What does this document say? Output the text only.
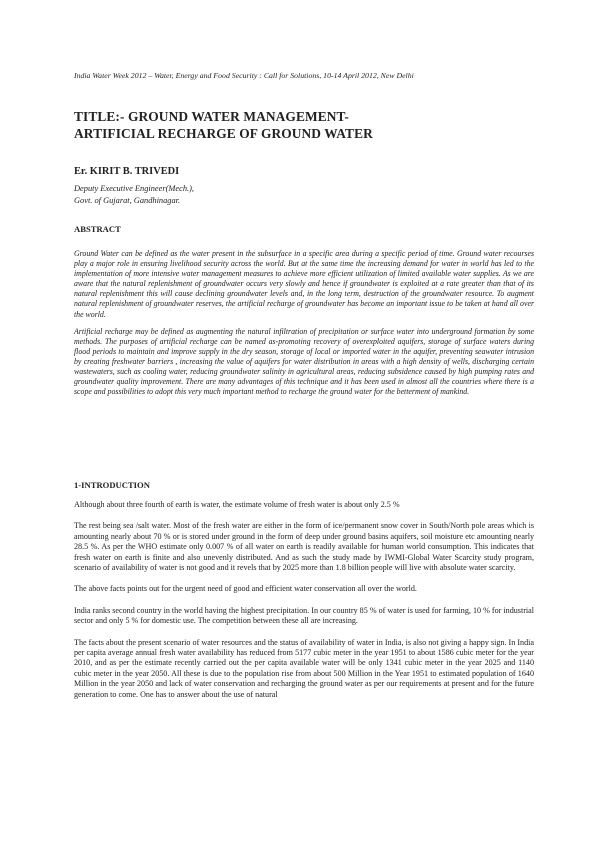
India Water Week 2012 – Water, Energy and Food Security : Call for Solutions, 10-14 April 2012, New Delhi
TITLE:- GROUND WATER MANAGEMENT-
ARTIFICIAL RECHARGE OF GROUND WATER
Er. KIRIT B. TRIVEDI
Deputy Executive Engineer(Mech.),
Govt. of Gujarat, Gandhinagar.
ABSTRACT

Ground Water can be defined as the water present in the subsurface in a specific area during a specific period of time. Ground water recourses play a major role in ensuring livelihood security across the world. But at the same time the increasing demand for water in world has led to the implementation of more intensive water management measures to achieve more efficient utilization of limited available water supplies. As we are aware that the natural replenishment of groundwater occurs very slowly and hence if groundwater is exploited at a rate greater than that of its natural replenishment this will cause declining groundwater levels and, in the long term, destruction of the groundwater resource. To augment natural replenishment of groundwater reserves, the artificial recharge of groundwater has become an important issue to be taken at hand all over the world.

Artificial recharge may be defined as augmenting the natural infiltration of precipitation or surface water into underground formation by some methods. The purposes of artificial recharge can be named as-promoting recovery of overexploited aquifers, storage of surface waters during flood periods to maintain and improve supply in the dry season, storage of local or imported water in the aquifer, preventing seawater intrusion by creating freshwater barriers , increasing the value of aquifers for water distribution in areas with a high density of wells, discharging certain wastewaters, such as cooling water, reducing groundwater salinity in agricultural areas, reducing subsidence caused by high pumping rates and groundwater quality improvement. There are many advantages of this technique and it has been used in almost all the countries where there is a scope and possibilities to adopt this very much important method to recharge the ground water for the betterment of mankind.

1-INTRODUCTION

Although about three fourth of earth is water, the estimate volume of fresh water is about only 2.5 %

The rest being sea /salt water. Most of the fresh water are either in the form of ice/permanent snow cover in South/North pole areas which is amounting nearly about 70 % or is stored under ground in the form of deep under ground basins aquifers, soil moisture etc amounting nearly 28.5 %. As per the WHO estimate only 0.007 % of all water on earth is readily available for human world consumption. This indicates that fresh water on earth is finite and also unevenly distributed. And as such the study made by IWMI-Global Water Scarcity study program, scenario of availability of water is not good and it revels that by 2025 more than 1.8 billion people will live with absolute water scarcity.

The above facts points out for the urgent need of good and efficient water conservation all over the world.

India ranks second country in the world having the highest precipitation. In our country 85 % of water is used for farming, 10 % for industrial sector and only 5 % for domestic use. The competition between these all are increasing.

The facts about the present scenario of water resources and the status of availability of water in India, is also not giving a happy sign. In India per capita average annual fresh water availability has reduced from 5177 cubic meter in the year 1951 to about 1586 cubic meter for the year 2010, and as per the estimate recently carried out the per capita available water will be only 1341 cubic meter in the year 2025 and 1140 cubic meter in the year 2050. All these is due to the population rise from about 500 Million in the Year 1951 to estimated population of 1640 Million in the year 2050 and lack of water conservation and recharging the ground water as per our requirements at present and for the future generation to come. One has to answer about the use of natural
